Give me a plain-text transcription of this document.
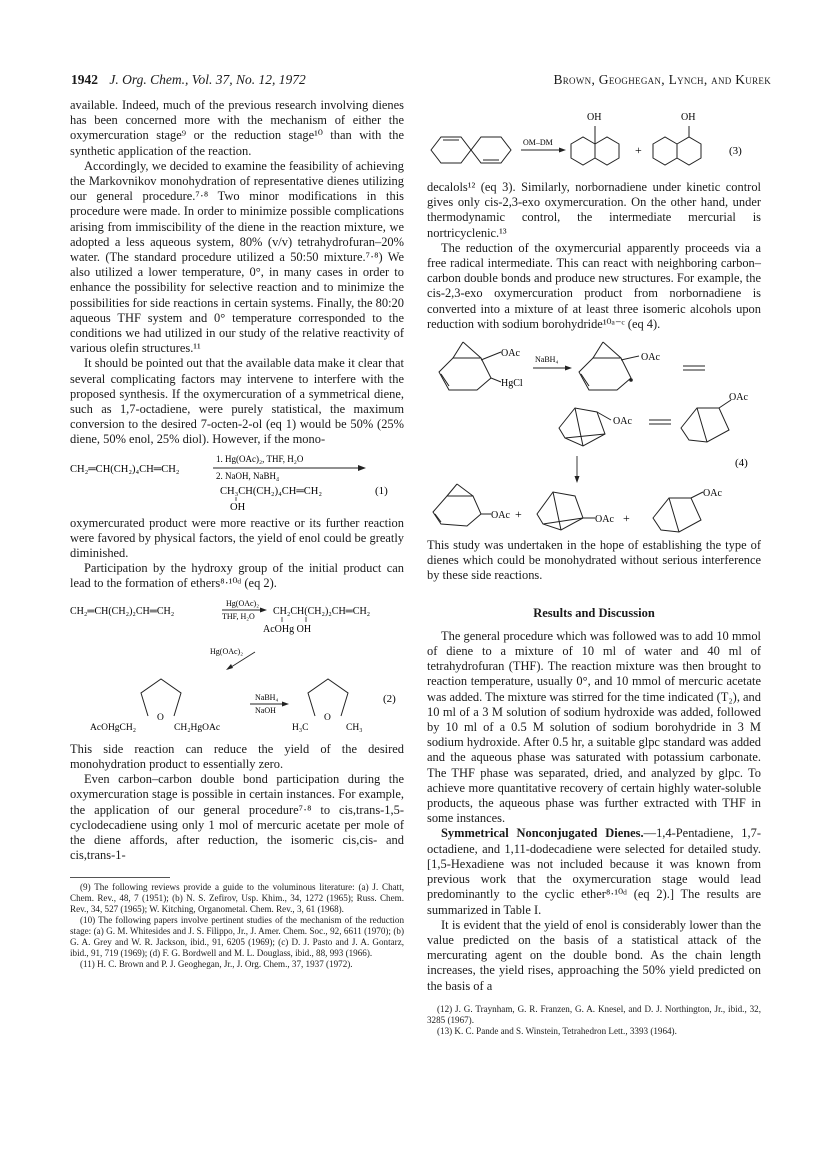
1942 J. Org. Chem., Vol. 37, No. 12, 1972	Brown, Geoghegan, Lynch, and Kurek

available. Indeed, much of the previous research involving dienes has been concerned more with the mechanism of either the oxymercuration stage⁹ or the reduction stage¹⁰ than with the synthetic application of the reaction.

Accordingly, we decided to examine the feasibility of achieving the Markovnikov monohydration of representative dienes utilizing our general procedure.⁷·⁸ Two minor modifications in this procedure were made. In order to minimize possible complications arising from immiscibility of the diene in the reaction mixture, we adopted a less aqueous system, 80% (v/v) tetrahydrofuran–20% water. (The standard procedure utilized a 50:50 mixture.⁷·⁸) We also utilized a lower temperature, 0°, in many cases in order to enhance the possibility for selective reaction and to minimize the possibilities for side reactions in certain systems. Finally, the 80:20 aqueous THF system and 0° temperature corresponded to the conditions we had utilized in our study of the relative reactivity of various olefin structures.¹¹

It should be pointed out that the available data make it clear that several complicating factors may intervene to interfere with the proposed synthesis. If the oxymercuration of a symmetrical diene, such as 1,7-octadiene, were purely statistical, the maximum conversion to the desired 7-octen-2-ol (eq 1) would be 50% (25% diene, 50% enol, 25% diol). However, if the mono-

CH₂═CH(CH₂)₄CH═CH₂
1. Hg(OAc)₂, THF, H₂O
2. NaOH, NaBH₄
CH₃CH(CH₂)₄CH═CH₂
OH
(1)

oxymercurated product were more reactive or its further reaction were favored by physical factors, the yield of enol could be greatly diminished.

Participation by the hydroxy group of the initial product can lead to the formation of ethers⁸·¹⁰ᵈ (eq 2).

CH₂═CH(CH₂)₂CH═CH₂
Hg(OAc)₂
THF, H₂O CH₂CH(CH₂)₂CH═CH₂
AcOHg OH
Hg(OAc)₂
O
AcOHgCH₂	CH₂HgOAc
NaBH₄
NaOH
O
H₃C	CH₃
(2)

This side reaction can reduce the yield of the desired monohydration product to essentially zero.

Even carbon–carbon double bond participation during the oxymercuration stage is possible in certain instances. For example, the application of our general procedure⁷·⁸ to cis,trans-1,5-cyclodecadiene using only 1 mol of mercuric acetate per mole of the diene affords, after reduction, the isomeric cis,cis- and cis,trans-1-

(9) The following reviews provide a guide to the voluminous literature: (a) J. Chatt, Chem. Rev., 48, 7 (1951); (b) N. S. Zefirov, Usp. Khim., 34, 1272 (1965); Russ. Chem. Rev., 34, 527 (1965); W. Kitching, Organometal. Chem. Rev., 3, 61 (1968).

(10) The following papers involve pertinent studies of the mechanism of the reduction stage: (a) G. M. Whitesides and J. S. Filippo, Jr., J. Amer. Chem. Soc., 92, 6611 (1970); (b) G. A. Grey and W. R. Jackson, ibid., 91, 6205 (1969); (c) D. J. Pasto and J. A. Gontarz, ibid., 91, 719 (1969); (d) F. G. Bordwell and M. L. Douglass, ibid., 88, 993 (1966).

(11) H. C. Brown and P. J. Geoghegan, Jr., J. Org. Chem., 37, 1937 (1972).

OM–DM
OH
+
OH
(3)

decalols¹² (eq 3). Similarly, norbornadiene under kinetic control gives only cis-2,3-exo oxymercuration. On the other hand, under thermodynamic control, the intermediate mercurial is nortricyclenic.¹³

The reduction of the oxymercurial apparently proceeds via a free radical intermediate. This can react with neighboring carbon–carbon double bonds and produce new structures. For example, the cis-2,3-exo oxymercuration product from norbornadiene is converted into a mixture of at least three isomeric alcohols upon reduction with sodium borohydride¹⁰ᵃ⁻ᶜ (eq 4).

OAc
HgCl
NaBH₄	OAc
OAc
OAc
(4)
OAc +	OAc +
OAc

This study was undertaken in the hope of establishing the type of dienes which could be monohydrated without serious interference by these side reactions.

Results and Discussion

The general procedure which was followed was to add 10 mmol of diene to a mixture of 10 ml of water and 40 ml of tetrahydrofuran (THF). The reaction mixture was then brought to reaction temperature, usually 0°, and 10 mmol of mercuric acetate was added. The mixture was stirred for the time indicated (T₂), and 10 ml of a 3 M solution of sodium hydroxide was added, followed by 10 ml of a 0.5 M solution of sodium borohydride in 3 M sodium hydroxide. After 0.5 hr, a suitable glpc standard was added and the aqueous phase was saturated with potassium carbonate. The THF phase was separated, dried, and analyzed by glpc. To achieve more quantitative recovery of certain highly water-soluble products, the aqueous phase was further extracted with THF in some instances.

Symmetrical Nonconjugated Dienes.—1,4-Pentadiene, 1,7-octadiene, and 1,11-dodecadiene were selected for detailed study. [1,5-Hexadiene was not included because it was known from previous work that the oxymercuration stage would lead predominantly to the cyclic ether⁸·¹⁰ᵈ (eq 2).] The results are summarized in Table I.

It is evident that the yield of enol is considerably lower than the value predicted on the basis of a statistical attack of the mercurating agent on the double bond. As the chain length increases, the yield rises, approaching the 50% yield predicted on the basis of a

(12) J. G. Traynham, G. R. Franzen, G. A. Knesel, and D. J. Northington, Jr., ibid., 32, 3285 (1967).

(13) K. C. Pande and S. Winstein, Tetrahedron Lett., 3393 (1964).
